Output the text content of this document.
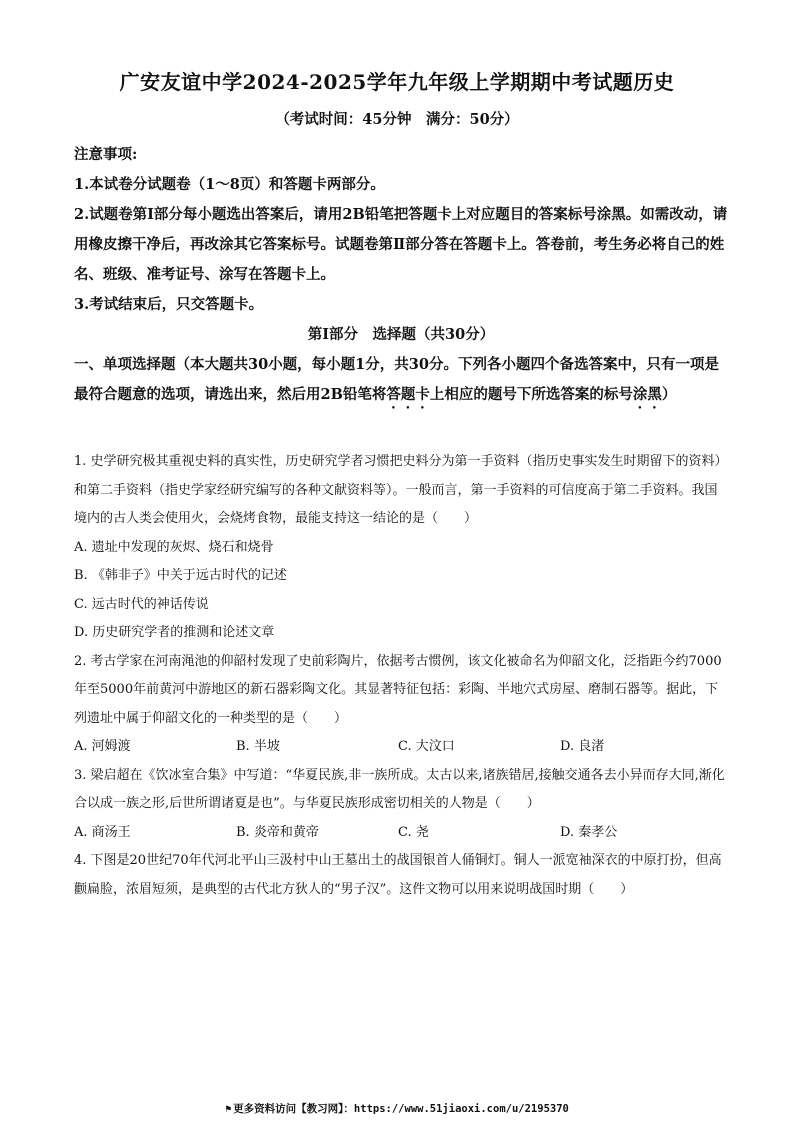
广安友谊中学2024-2025学年九年级上学期期中考试题历史
（考试时间：45分钟　满分：50分）

注意事项:

1.本试卷分试题卷（1～8页）和答题卡两部分。

2.试题卷第Ⅰ部分每小题选出答案后，请用2B铅笔把答题卡上对应题目的答案标号涂黑。如需改动，请用橡皮擦干净后，再改涂其它答案标号。试题卷第Ⅱ部分答在答题卡上。答卷前，考生务必将自己的姓名、班级、准考证号、涂写在答题卡上。

3.考试结束后，只交答题卡。

第Ⅰ部分　选择题（共30分）

一、单项选择题（本大题共30小题，每小题1分，共30分。下列各小题四个备选答案中，只有一项是最符合题意的选项，请选出来，然后用2B铅笔将答题卡上相应的题号下所选答案的标号涂黑）

1. 史学研究极其重视史料的真实性，历史研究学者习惯把史料分为第一手资料（指历史事实发生时期留下的资料）和第二手资料（指史学家经研究编写的各种文献资料等）。一般而言，第一手资料的可信度高于第二手资料。我国境内的古人类会使用火，会烧烤食物，最能支持这一结论的是（　　）

A. 遗址中发现的灰烬、烧石和烧骨

B. 《韩非子》中关于远古时代的记述

C. 远古时代的神话传说

D. 历史研究学者的推测和论述文章

2. 考古学家在河南渑池的仰韶村发现了史前彩陶片，依据考古惯例，该文化被命名为仰韶文化，泛指距今约7000年至5000年前黄河中游地区的新石器彩陶文化。其显著特征包括：彩陶、半地穴式房屋、磨制石器等。据此，下列遗址中属于仰韶文化的一种类型的是（　　）

A. 河姆渡	B. 半坡	C. 大汶口	D. 良渚

3. 梁启超在《饮冰室合集》中写道：“华夏民族,非一族所成。太古以来,诸族错居,接触交通各去小异而存大同,渐化合以成一族之形,后世所谓诸夏是也”。与华夏民族形成密切相关的人物是（　　）

A. 商汤王	B. 炎帝和黄帝	C. 尧	D. 秦孝公

4. 下图是20世纪70年代河北平山三汲村中山王墓出土的战国银首人俑铜灯。铜人一派宽袖深衣的中原打扮，但高颧扁脸，浓眉短须，是典型的古代北方狄人的“男子汉”。这件文物可以用来说明战国时期（　　）

⚑ 更多资料访问【教习网】：https://www.51jiaoxi.com/u/2195370
